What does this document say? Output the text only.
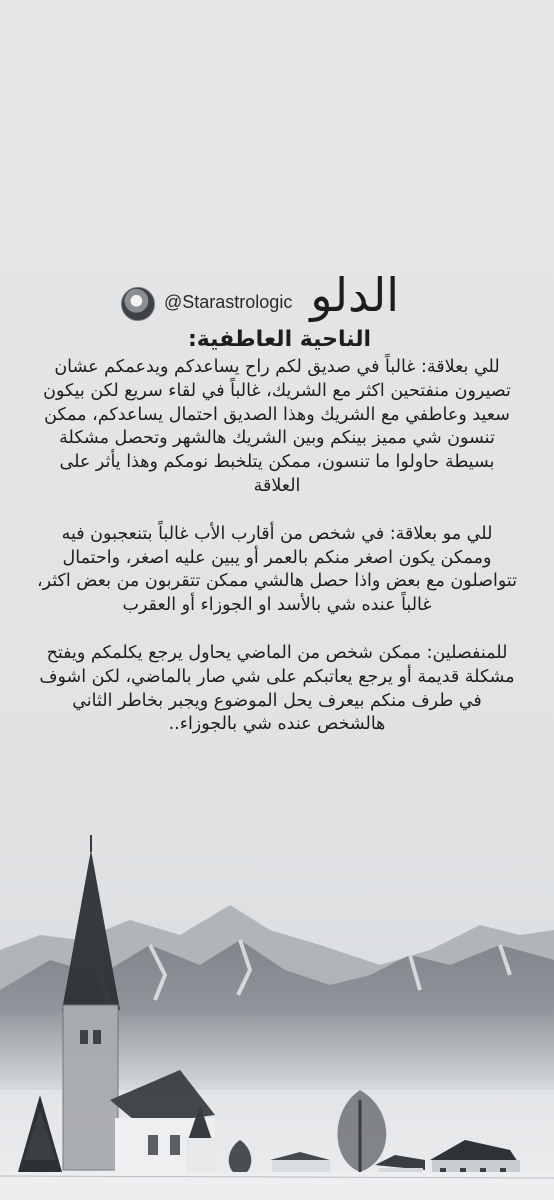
@Starastrologic الدلو
الناحية العاطفية:

للي بعلاقة: غالباً في صديق لكم راح يساعدكم ويدعمكم عشان تصيرون منفتحين اكثر مع الشريك، غالباً في لقاء سريع لكن بيكون سعيد وعاطفي مع الشريك وهذا الصديق احتمال يساعدكم، ممكن تنسون شي مميز بينكم وبين الشريك هالشهر وتحصل مشكلة بسيطة حاولوا ما تنسون، ممكن يتلخبط نومكم وهذا يأثر على العلاقة

للي مو بعلاقة: في شخص من أقارب الأب غالباً بتنعجبون فيه وممكن يكون اصغر منكم بالعمر أو يبين عليه اصغر، واحتمال تتواصلون مع بعض واذا حصل هالشي ممكن تتقربون من بعض اكثر، غالباً عنده شي بالأسد او الجوزاء أو العقرب

للمنفصلين: ممكن شخص من الماضي يحاول يرجع يكلمكم ويفتح مشكلة قديمة أو يرجع يعاتبكم على شي صار بالماضي، لكن اشوف في طرف منكم بيعرف يحل الموضوع ويجبر بخاطر الثاني هالشخص عنده شي بالجوزاء..
